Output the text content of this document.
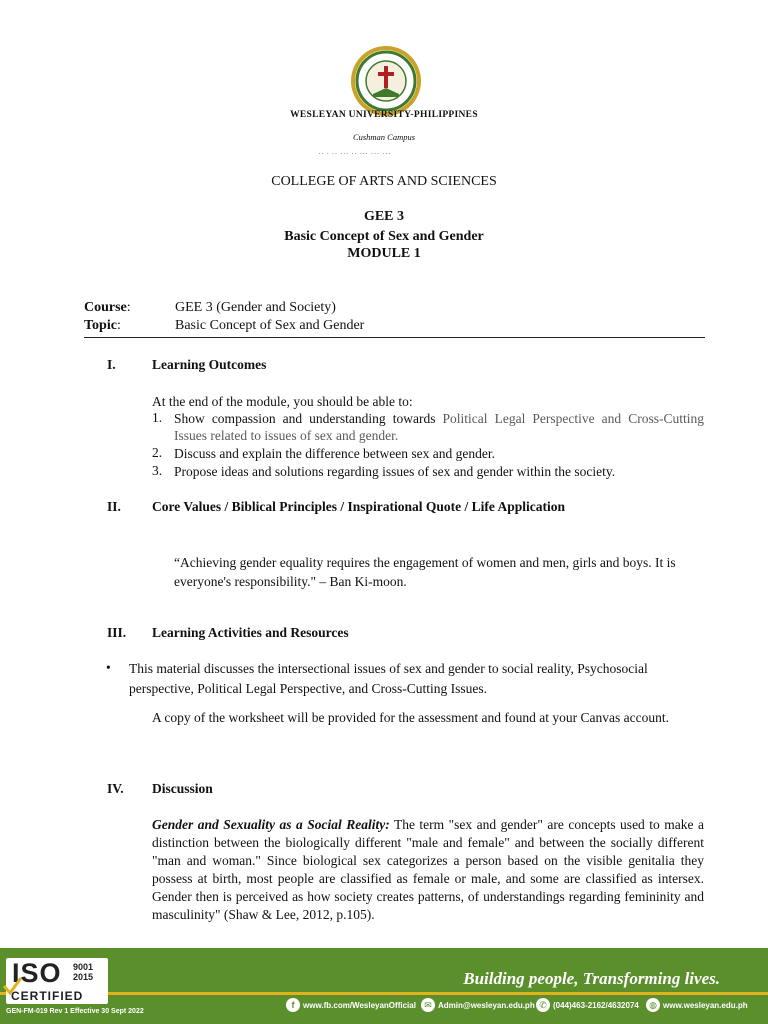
WESLEYAN UNIVERSITY-PHILIPPINES
Cushman Campus
·· · ·· ··· ·· ··· ··· ···
COLLEGE OF ARTS AND SCIENCES
GEE 3
Basic Concept of Sex and Gender
MODULE 1
Course:	GEE 3 (Gender and Society)
Topic:	Basic Concept of Sex and Gender
I.	Learning Outcomes
At the end of the module, you should be able to:
1. Show compassion and understanding towards Political Legal Perspective and Cross-Cutting Issues related to issues of sex and gender.
2. Discuss and explain the difference between sex and gender.
3. Propose ideas and solutions regarding issues of sex and gender within the society.
II. Core Values / Biblical Principles / Inspirational Quote / Life Application
“Achieving gender equality requires the engagement of women and men, girls and boys. It is everyone's responsibility." – Ban Ki-moon.
III. Learning Activities and Resources
• This material discusses the intersectional issues of sex and gender to social reality, Psychosocial perspective, Political Legal Perspective, and Cross-Cutting Issues.
A copy of the worksheet will be provided for the assessment and found at your Canvas account.
IV. Discussion
Gender and Sexuality as a Social Reality: The term "sex and gender" are concepts used to make a distinction between the biologically different "male and female" and between the socially different "man and woman." Since biological sex categorizes a person based on the visible genitalia they possess at birth, most people are classified as female or male, and some are classified as intersex. Gender then is perceived as how society creates patterns, of understandings regarding femininity and masculinity" (Shaw & Lee, 2012, p.105).
Building people, Transforming lives.
ISO 9001
2015
CERTIFIED
GEN-FM-019 Rev 1 Effective 30 Sept 2022
f	www.fb.com/WesleyanOfficial ✉ Admin@wesleyan.edu.ph ✆ (044)463-2162/4632074	◍ www.wesleyan.edu.ph
